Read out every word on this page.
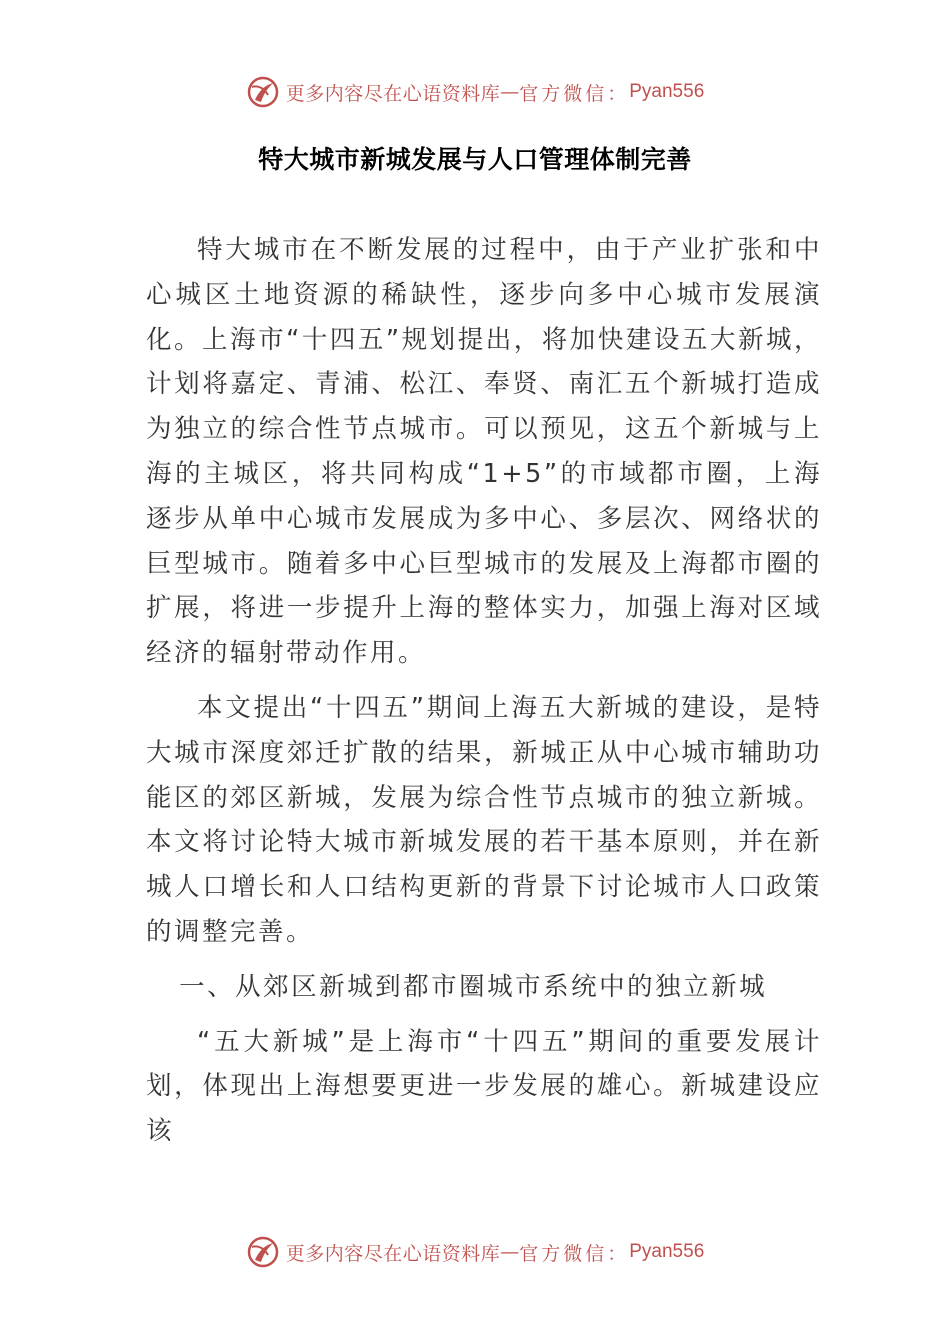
更多内容尽在心语资料库 — 官方微信： Pyan556
特大城市新城发展与人口管理体制完善

特大城市在不断发展的过程中，由于产业扩张和中心城区土地资源的稀缺性，逐步向多中心城市发展演化。上海市“十四五”规划提出，将加快建设五大新城，计划将嘉定、青浦、松江、奉贤、南汇五个新城打造成为独立的综合性节点城市。可以预见，这五个新城与上海的主城区，将共同构成“1+5”的市域都市圈，上海逐步从单中心城市发展成为多中心、多层次、网络状的巨型城市。随着多中心巨型城市的发展及上海都市圈的扩展，将进一步提升上海的整体实力，加强上海对区域经济的辐射带动作用。

本文提出“十四五”期间上海五大新城的建设，是特大城市深度郊迁扩散的结果，新城正从中心城市辅助功能区的郊区新城，发展为综合性节点城市的独立新城。本文将讨论特大城市新城发展的若干基本原则，并在新城人口增长和人口结构更新的背景下讨论城市人口政策的调整完善。

一、从郊区新城到都市圈城市系统中的独立新城

“五大新城”是上海市“十四五”期间的重要发展计划，体现出上海想要更进一步发展的雄心。新城建设应该

更多内容尽在心语资料库 — 官方微信： Pyan556
